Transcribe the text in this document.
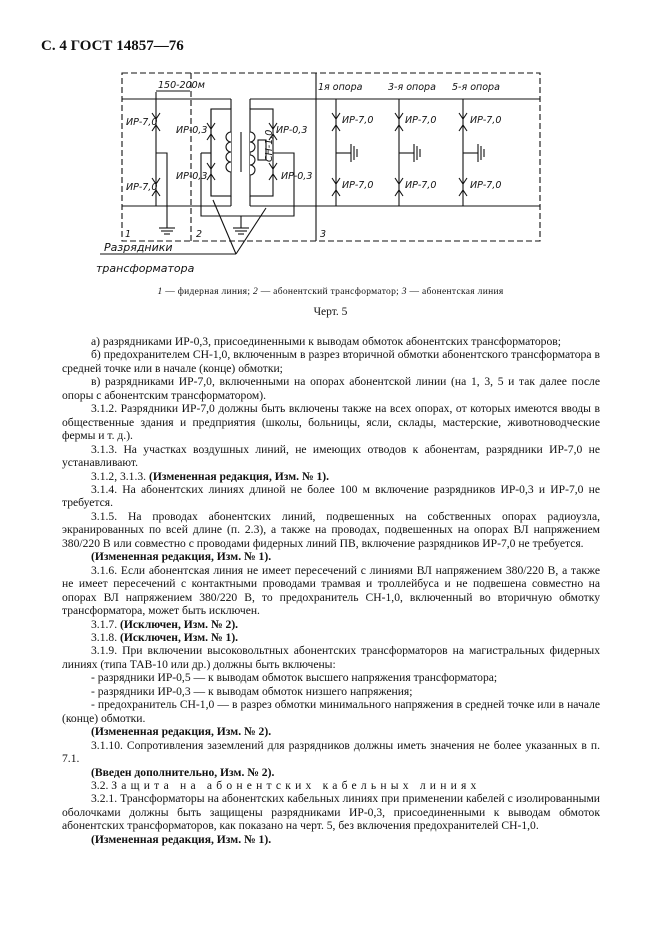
С. 4 ГОСТ 14857—76
150-200м	1я опора	3-я опора 5-я опора
ИР-7,0
ИР-7,0
ИР-0,3
ИР-0,3
ИР-0,3
ИР-0,3
СН-1,0
ИР-7,0
ИР-7,0
ИР-7,0
ИР-7,0
ИР-7,0
ИР-7,0
1	2	3
Разрядники
трансформатора
1 — фидерная линия; 2 — абонентский трансформатор; 3 — абонентская линия
Черт. 5

а) разрядниками ИР-0,3, присоединенными к выводам обмоток абонентских трансформаторов;

б) предохранителем СН-1,0, включенным в разрез вторичной обмотки абонентского трансформатора в средней точке или в начале (конце) обмотки;

в) разрядниками ИР-7,0, включенными на опорах абонентской линии (на 1, 3, 5 и так далее после опоры с абонентским трансформатором).

3.1.2. Разрядники ИР-7,0 должны быть включены также на всех опорах, от которых имеются вводы в общественные здания и предприятия (школы, больницы, ясли, склады, мастерские, животноводческие фермы и т. д.).

3.1.3. На участках воздушных линий, не имеющих отводов к абонентам, разрядники ИР-7,0 не устанавливают.

3.1.2, 3.1.3. (Измененная редакция, Изм. № 1).

3.1.4. На абонентских линиях длиной не более 100 м включение разрядников ИР-0,3 и ИР-7,0 не требуется.

3.1.5. На проводах абонентских линий, подвешенных на собственных опорах радиоузла, экранированных по всей длине (п. 2.3), а также на проводах, подвешенных на опорах ВЛ напряжением 380/220 В или совместно с проводами фидерных линий ПВ, включение разрядников ИР-7,0 не требуется.

(Измененная редакция, Изм. № 1).

3.1.6. Если абонентская линия не имеет пересечений с линиями ВЛ напряжением 380/220 В, а также не имеет пересечений с контактными проводами трамвая и троллейбуса и не подвешена совместно на опорах ВЛ напряжением 380/220 В, то предохранитель СН-1,0, включенный во вторичную обмотку трансформатора, может быть исключен.

3.1.7. (Исключен, Изм. № 2).

3.1.8. (Исключен, Изм. № 1).

3.1.9. При включении высоковольтных абонентских трансформаторов на магистральных фидерных линиях (типа ТАВ-10 или др.) должны быть включены:

- разрядники ИР-0,5 — к выводам обмоток высшего напряжения трансформатора;

- разрядники ИР-0,3 — к выводам обмоток низшего напряжения;

- предохранитель СН-1,0 — в разрез обмотки минимального напряжения в средней точке или в начале (конце) обмотки.

(Измененная редакция, Изм. № 2).

3.1.10. Сопротивления заземлений для разрядников должны иметь значения не более указанных в п. 7.1.

(Введен дополнительно, Изм. № 2).

3.2. Защита на абонентских кабельных линиях

3.2.1. Трансформаторы на абонентских кабельных линиях при применении кабелей с изолированными оболочками должны быть защищены разрядниками ИР-0,3, присоединенными к выводам обмоток абонентских трансформаторов, как показано на черт. 5, без включения предохранителей СН-1,0.

(Измененная редакция, Изм. № 1).
